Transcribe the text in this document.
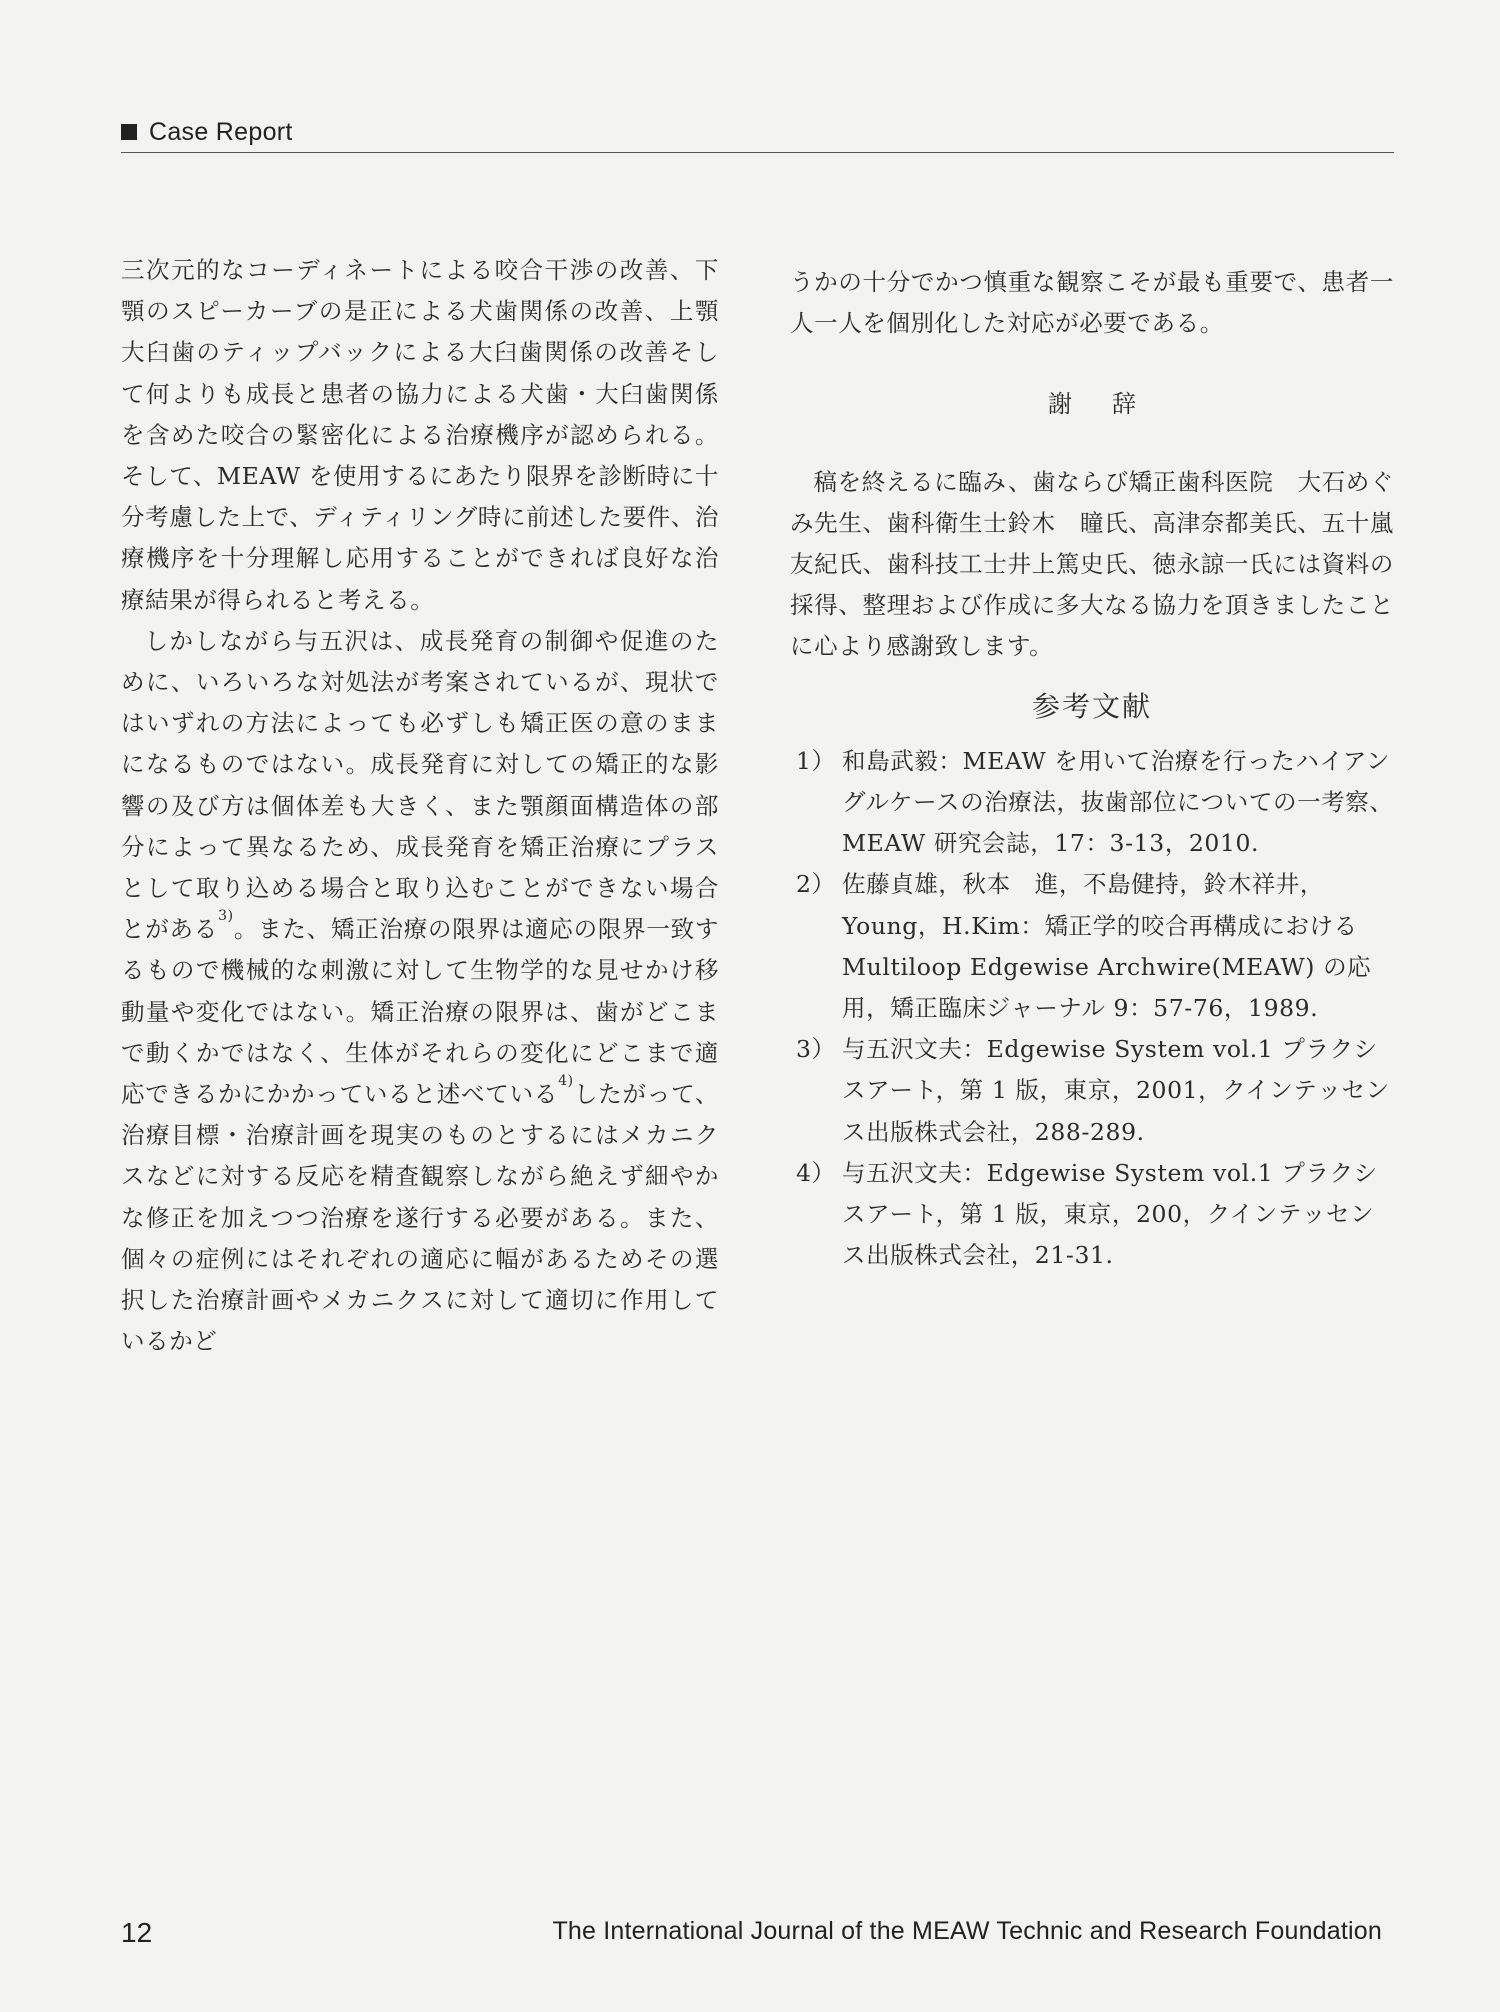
Case Report

三次元的なコーディネートによる咬合干渉の改善、下顎のスピーカーブの是正による犬歯関係の改善、上顎大臼歯のティップバックによる大臼歯関係の改善そして何よりも成長と患者の協力による犬歯・大臼歯関係を含めた咬合の緊密化による治療機序が認められる。そして、MEAW を使用するにあたり限界を診断時に十分考慮した上で、ディティリング時に前述した要件、治療機序を十分理解し応用することができれば良好な治療結果が得られると考える。

しかしながら与五沢は、成長発育の制御や促進のために、いろいろな対処法が考案されているが、現状ではいずれの方法によっても必ずしも矯正医の意のままになるものではない。成長発育に対しての矯正的な影響の及び方は個体差も大きく、また顎顔面構造体の部分によって異なるため、成長発育を矯正治療にプラスとして取り込める場合と取り込むことができない場合とがある$^{3)}$。また、矯正治療の限界は適応の限界一致するもので機械的な刺激に対して生物学的な見せかけ移動量や変化ではない。矯正治療の限界は、歯がどこまで動くかではなく、生体がそれらの変化にどこまで適応できるかにかかっていると述べている$^{4)}$したがって、治療目標・治療計画を現実のものとするにはメカニクスなどに対する反応を精査観察しながら絶えず細やかな修正を加えつつ治療を遂行する必要がある。また、個々の症例にはそれぞれの適応に幅があるためその選択した治療計画やメカニクスに対して適切に作用しているかど

うかの十分でかつ慎重な観察こそが最も重要で、患者一人一人を個別化した対応が必要である。

謝辞

稿を終えるに臨み、歯ならび矯正歯科医院　大石めぐみ先生、歯科衛生士鈴木　瞳氏、高津奈都美氏、五十嵐友紀氏、歯科技工士井上篤史氏、徳永諒一氏には資料の採得、整理および作成に多大なる協力を頂きましたことに心より感謝致します。

参考文献
1） 和島武毅：MEAW を用いて治療を行ったハイアングルケースの治療法，抜歯部位についての一考察、MEAW 研究会誌，17：3-13，2010.
2） 佐藤貞雄，秋本　進，不島健持，鈴木祥井，Young，H.Kim：矯正学的咬合再構成における Multiloop Edgewise Archwire(MEAW) の応用，矯正臨床ジャーナル 9：57-76，1989.
3） 与五沢文夫：Edgewise System vol.1 プラクシスアート，第 1 版，東京，2001，クインテッセンス出版株式会社，288-289.
4） 与五沢文夫：Edgewise System vol.1 プラクシスアート，第 1 版，東京，200，クインテッセンス出版株式会社，21-31.
12	The International Journal of the MEAW Technic and Research Foundation
